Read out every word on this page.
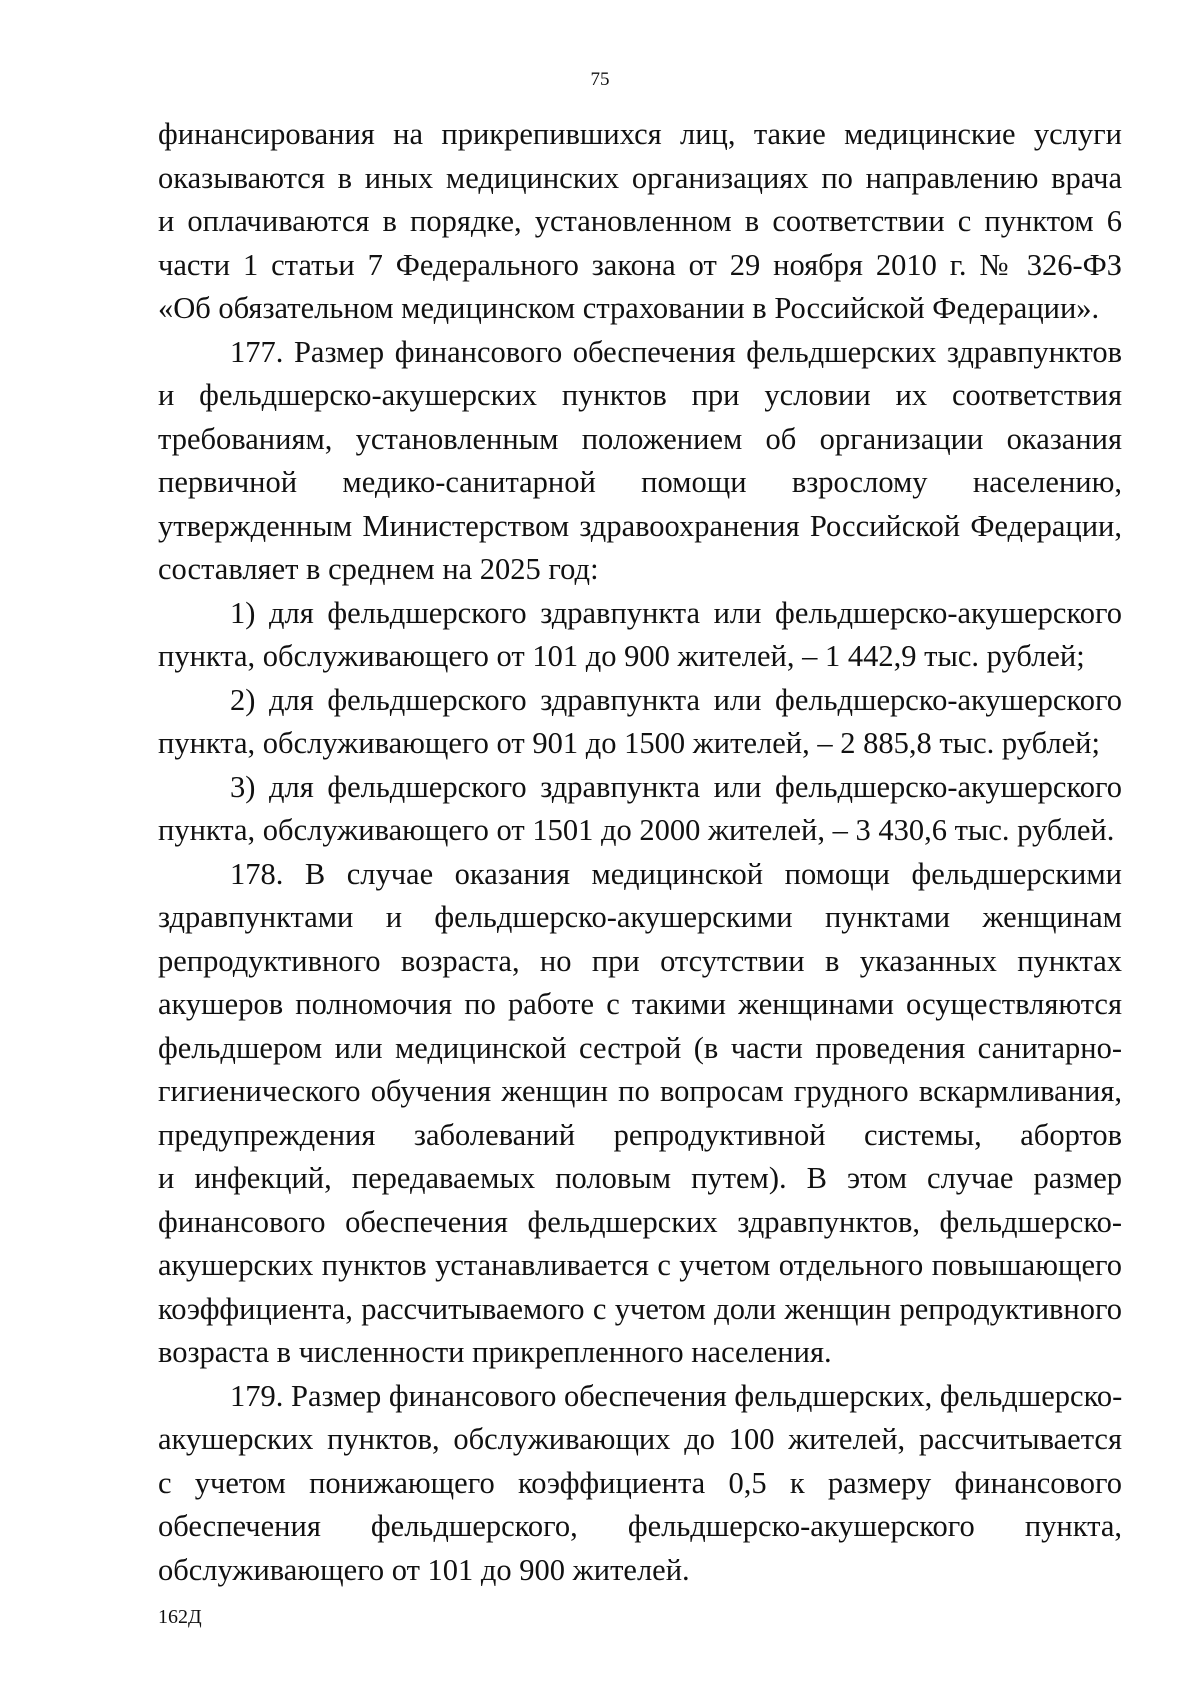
75
финансирования на прикрепившихся лиц, такие медицинские услуги
оказываются в иных медицинских организациях по направлению врача
и оплачиваются в порядке, установленном в соответствии с пунктом 6
части 1 статьи 7 Федерального закона от 29 ноября 2010 г. № 326-ФЗ
«Об обязательном медицинском страховании в Российской Федерации».
177. Размер финансового обеспечения фельдшерских здравпунктов
и фельдшерско-акушерских пунктов при условии их соответствия
требованиям, установленным положением об организации оказания
первичной медико-санитарной помощи взрослому населению,
утвержденным Министерством здравоохранения Российской Федерации,
составляет в среднем на 2025 год:
1) для фельдшерского здравпункта или фельдшерско-акушерского
пункта, обслуживающего от 101 до 900 жителей, – 1 442,9 тыс. рублей;
2) для фельдшерского здравпункта или фельдшерско-акушерского
пункта, обслуживающего от 901 до 1500 жителей, – 2 885,8 тыс. рублей;
3) для фельдшерского здравпункта или фельдшерско-акушерского
пункта, обслуживающего от 1501 до 2000 жителей, – 3 430,6 тыс. рублей.
178. В случае оказания медицинской помощи фельдшерскими
здравпунктами и фельдшерско-акушерскими пунктами женщинам
репродуктивного возраста, но при отсутствии в указанных пунктах
акушеров полномочия по работе с такими женщинами осуществляются
фельдшером или медицинской сестрой (в части проведения санитарно-
гигиенического обучения женщин по вопросам грудного вскармливания,
предупреждения заболеваний репродуктивной системы, абортов
и инфекций, передаваемых половым путем). В этом случае размер
финансового обеспечения фельдшерских здравпунктов, фельдшерско-
акушерских пунктов устанавливается с учетом отдельного повышающего
коэффициента, рассчитываемого с учетом доли женщин репродуктивного
возраста в численности прикрепленного населения.
179. Размер финансового обеспечения фельдшерских, фельдшерско-
акушерских пунктов, обслуживающих до 100 жителей, рассчитывается
с учетом понижающего коэффициента 0,5 к размеру финансового
обеспечения фельдшерского, фельдшерско-акушерского пункта,
обслуживающего от 101 до 900 жителей.
162Д
